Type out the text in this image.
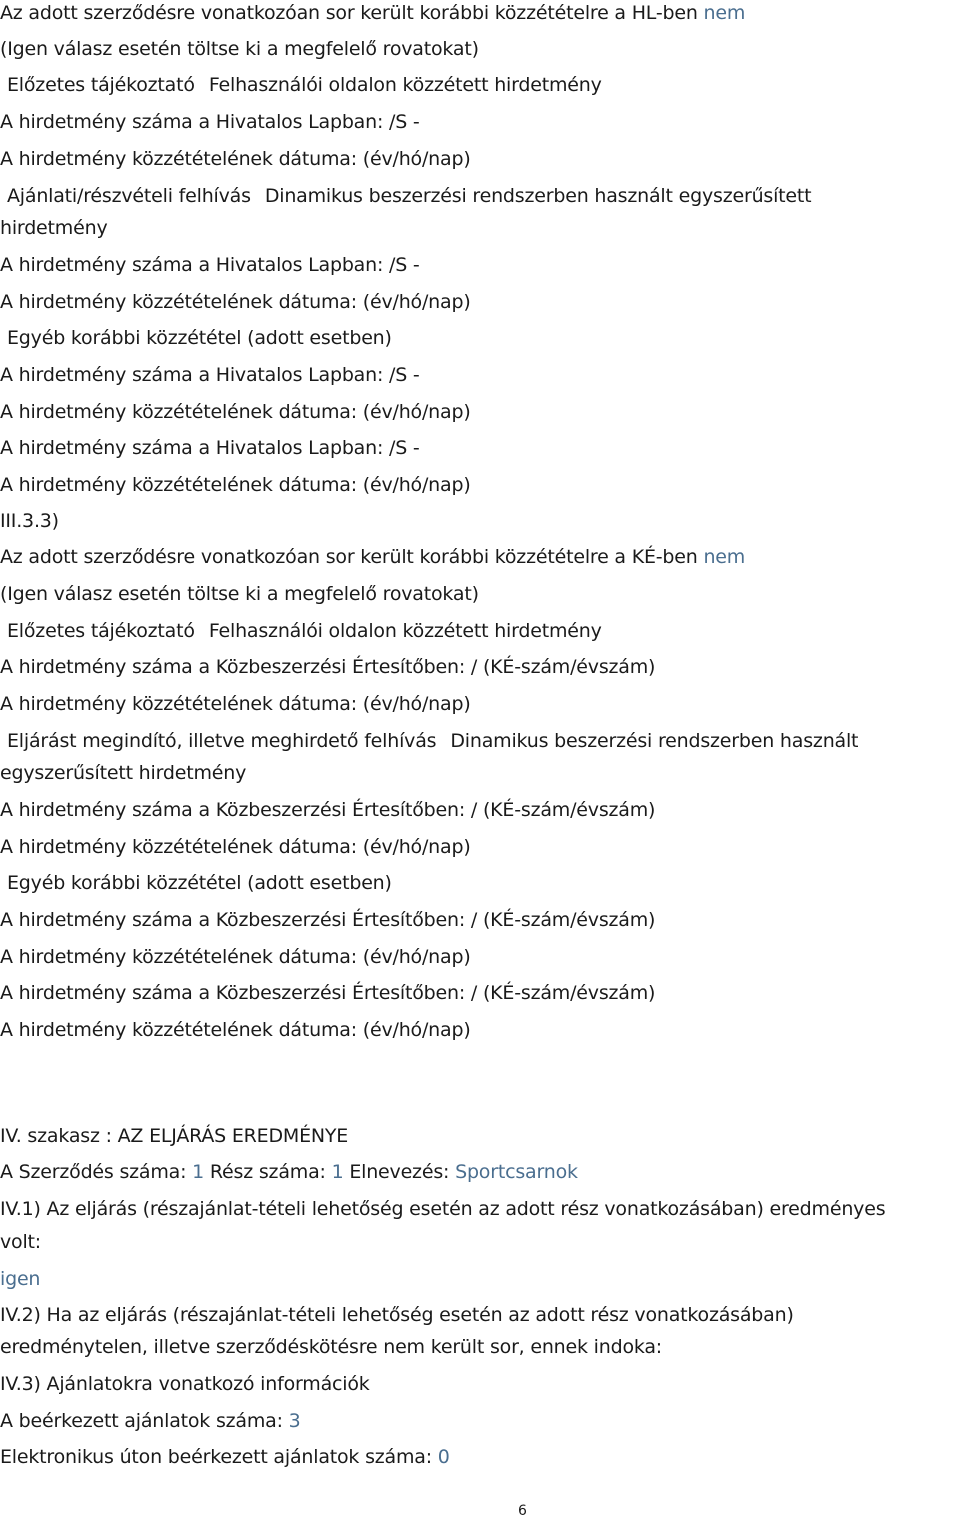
Az adott szerződésre vonatkozóan sor került korábbi közzétételre a HL-ben nem
(Igen válasz esetén töltse ki a megfelelő rovatokat)
Előzetes tájékoztató Felhasználói oldalon közzétett hirdetmény
A hirdetmény száma a Hivatalos Lapban: /S -
A hirdetmény közzétételének dátuma: (év/hó/nap)
Ajánlati/részvételi felhívás Dinamikus beszerzési rendszerben használt egyszerűsített
hirdetmény
A hirdetmény száma a Hivatalos Lapban: /S -
A hirdetmény közzétételének dátuma: (év/hó/nap)
Egyéb korábbi közzététel (adott esetben)
A hirdetmény száma a Hivatalos Lapban: /S -
A hirdetmény közzétételének dátuma: (év/hó/nap)
A hirdetmény száma a Hivatalos Lapban: /S -
A hirdetmény közzétételének dátuma: (év/hó/nap)
III.3.3)
Az adott szerződésre vonatkozóan sor került korábbi közzétételre a KÉ-ben nem
(Igen válasz esetén töltse ki a megfelelő rovatokat)
Előzetes tájékoztató Felhasználói oldalon közzétett hirdetmény
A hirdetmény száma a Közbeszerzési Értesítőben: / (KÉ-szám/évszám)
A hirdetmény közzétételének dátuma: (év/hó/nap)
Eljárást megindító, illetve meghirdető felhívás Dinamikus beszerzési rendszerben használt
egyszerűsített hirdetmény
A hirdetmény száma a Közbeszerzési Értesítőben: / (KÉ-szám/évszám)
A hirdetmény közzétételének dátuma: (év/hó/nap)
Egyéb korábbi közzététel (adott esetben)
A hirdetmény száma a Közbeszerzési Értesítőben: / (KÉ-szám/évszám)
A hirdetmény közzétételének dátuma: (év/hó/nap)
A hirdetmény száma a Közbeszerzési Értesítőben: / (KÉ-szám/évszám)
A hirdetmény közzétételének dátuma: (év/hó/nap)
IV. szakasz : AZ ELJÁRÁS EREDMÉNYE
A Szerződés száma: 1 Rész száma: 1 Elnevezés: Sportcsarnok
IV.1) Az eljárás (részajánlat-tételi lehetőség esetén az adott rész vonatkozásában) eredményes
volt:
igen
IV.2) Ha az eljárás (részajánlat-tételi lehetőség esetén az adott rész vonatkozásában)
eredménytelen, illetve szerződéskötésre nem került sor, ennek indoka:
IV.3) Ajánlatokra vonatkozó információk
A beérkezett ajánlatok száma: 3
Elektronikus úton beérkezett ajánlatok száma: 0
6
